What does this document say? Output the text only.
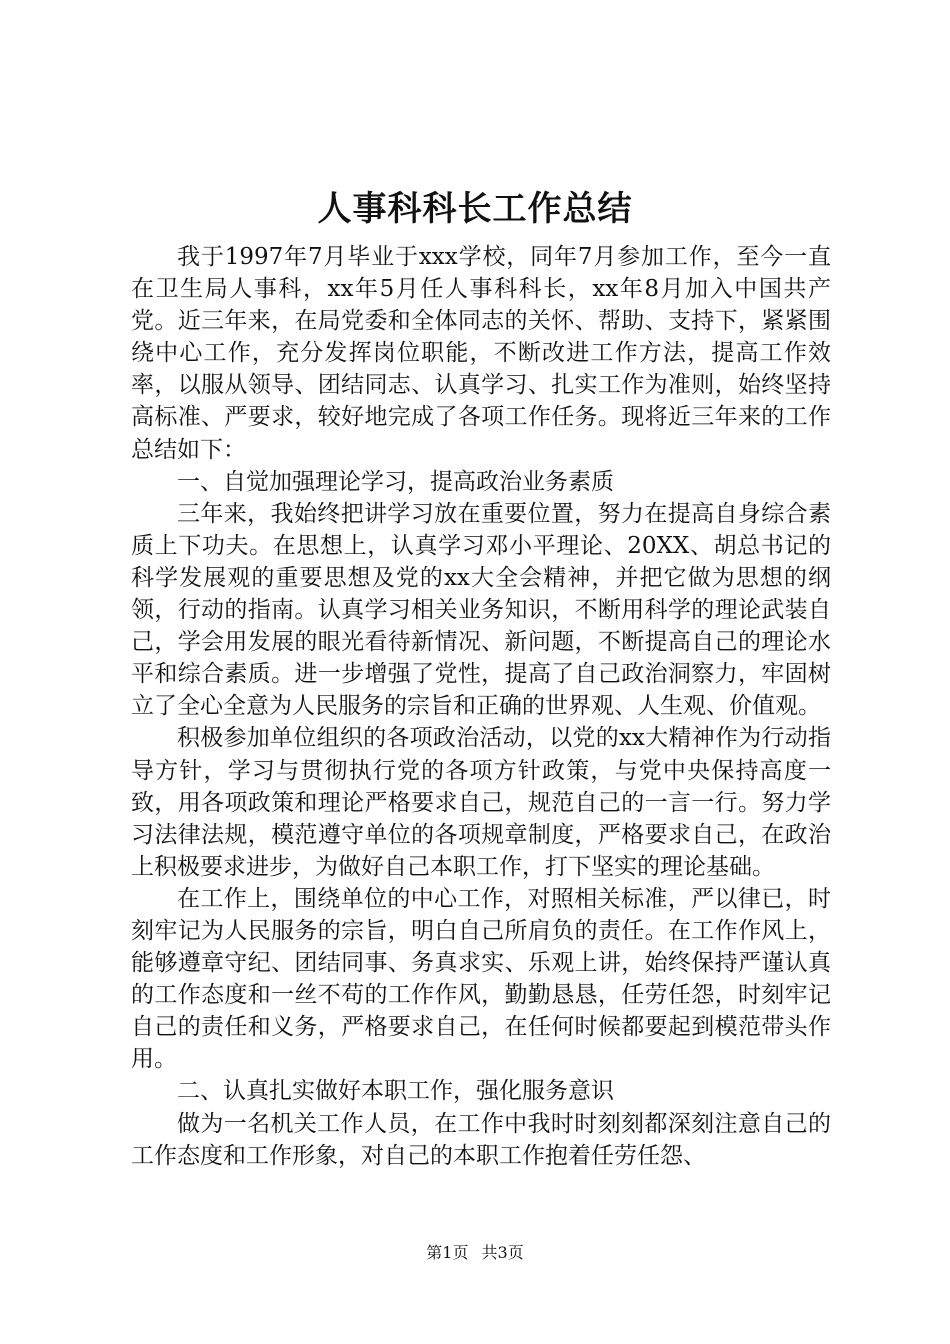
人事科科长工作总结

我于1997年7月毕业于xxx学校，同年7月参加工作，至今一直在卫生局人事科，xx年5月任人事科科长，xx年8月加入中国共产党。近三年来，在局党委和全体同志的关怀、帮助、支持下，紧紧围绕中心工作，充分发挥岗位职能，不断改进工作方法，提高工作效率，以服从领导、团结同志、认真学习、扎实工作为准则，始终坚持高标准、严要求，较好地完成了各项工作任务。现将近三年来的工作总结如下：

一、自觉加强理论学习，提高政治业务素质

三年来，我始终把讲学习放在重要位置，努力在提高自身综合素质上下功夫。在思想上，认真学习邓小平理论、20XX、胡总书记的科学发展观的重要思想及党的xx大全会精神，并把它做为思想的纲领，行动的指南。认真学习相关业务知识，不断用科学的理论武装自己，学会用发展的眼光看待新情况、新问题，不断提高自己的理论水平和综合素质。进一步增强了党性，提高了自己政治洞察力，牢固树立了全心全意为人民服务的宗旨和正确的世界观、人生观、价值观。

积极参加单位组织的各项政治活动，以党的xx大精神作为行动指导方针，学习与贯彻执行党的各项方针政策，与党中央保持高度一致，用各项政策和理论严格要求自己，规范自己的一言一行。努力学习法律法规，模范遵守单位的各项规章制度，严格要求自己，在政治上积极要求进步，为做好自己本职工作，打下坚实的理论基础。

在工作上，围绕单位的中心工作，对照相关标准，严以律已，时刻牢记为人民服务的宗旨，明白自己所肩负的责任。在工作作风上，能够遵章守纪、团结同事、务真求实、乐观上讲，始终保持严谨认真的工作态度和一丝不苟的工作作风，勤勤恳恳，任劳任怨，时刻牢记自己的责任和义务，严格要求自己，在任何时候都要起到模范带头作用。

二、认真扎实做好本职工作，强化服务意识

做为一名机关工作人员，在工作中我时时刻刻都深刻注意自己的工作态度和工作形象，对自己的本职工作抱着任劳任怨、

第1页 共3页
